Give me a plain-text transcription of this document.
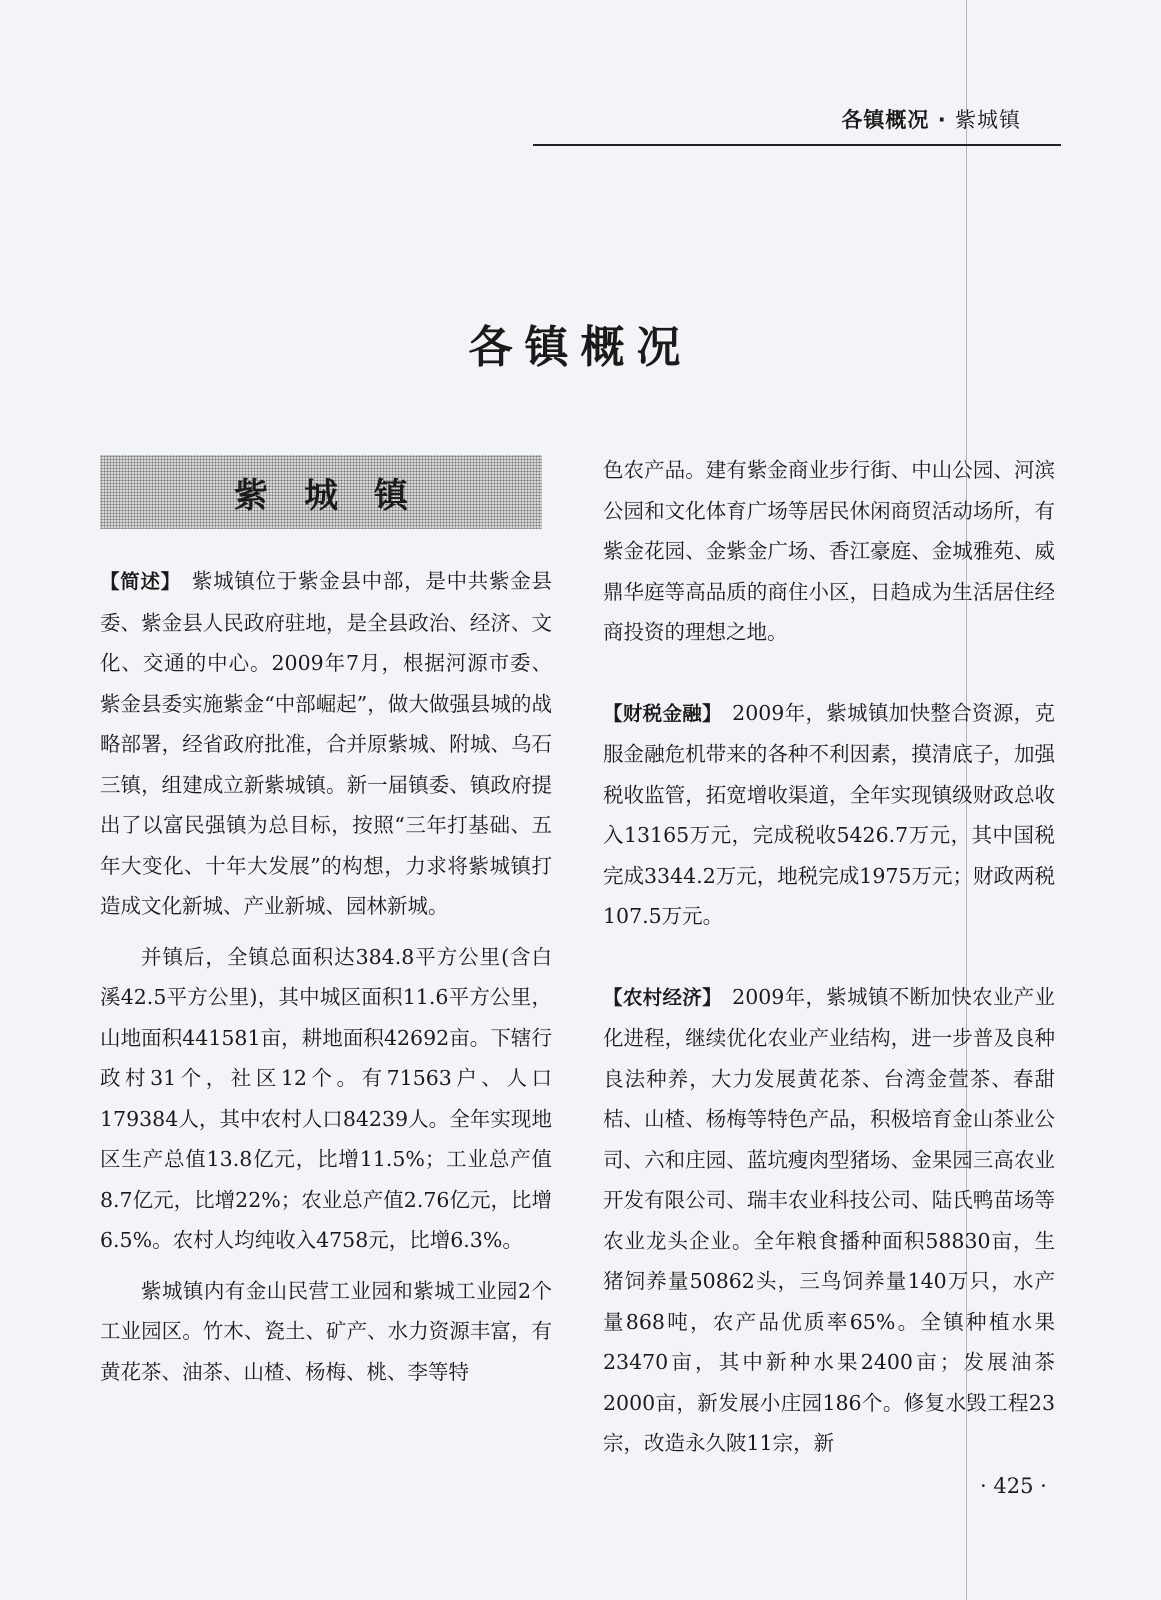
各镇概况 · 紫城镇
各镇概况
紫城镇

【简述】  紫城镇位于紫金县中部，是中共紫金县委、紫金县人民政府驻地，是全县政治、经济、文化、交通的中心。2009年7月，根据河源市委、紫金县委实施紫金“中部崛起”，做大做强县城的战略部署，经省政府批准，合并原紫城、附城、乌石三镇，组建成立新紫城镇。新一届镇委、镇政府提出了以富民强镇为总目标，按照“三年打基础、五年大变化、十年大发展”的构想，力求将紫城镇打造成文化新城、产业新城、园林新城。

并镇后，全镇总面积达384.8平方公里(含白溪42.5平方公里)，其中城区面积11.6平方公里，山地面积441581亩，耕地面积42692亩。下辖行政村31个，社区12个。有71563户、人口179384人，其中农村人口84239人。全年实现地区生产总值13.8亿元，比增11.5%；工业总产值8.7亿元，比增22%；农业总产值2.76亿元，比增6.5%。农村人均纯收入4758元，比增6.3%。

紫城镇内有金山民营工业园和紫城工业园2个工业园区。竹木、瓷土、矿产、水力资源丰富，有黄花茶、油茶、山楂、杨梅、桃、李等特

色农产品。建有紫金商业步行街、中山公园、河滨公园和文化体育广场等居民休闲商贸活动场所，有紫金花园、金紫金广场、香江豪庭、金城雅苑、威鼎华庭等高品质的商住小区，日趋成为生活居住经商投资的理想之地。

【财税金融】  2009年，紫城镇加快整合资源，克服金融危机带来的各种不利因素，摸清底子，加强税收监管，拓宽增收渠道，全年实现镇级财政总收入13165万元，完成税收5426.7万元，其中国税完成3344.2万元，地税完成1975万元；财政两税107.5万元。

【农村经济】  2009年，紫城镇不断加快农业产业化进程，继续优化农业产业结构，进一步普及良种良法种养，大力发展黄花茶、台湾金萱茶、春甜桔、山楂、杨梅等特色产品，积极培育金山茶业公司、六和庄园、蓝坑瘦肉型猪场、金果园三高农业开发有限公司、瑞丰农业科技公司、陆氏鸭苗场等农业龙头企业。全年粮食播种面积58830亩，生猪饲养量50862头，三鸟饲养量140万只，水产量868吨，农产品优质率65%。全镇种植水果23470亩，其中新种水果2400亩；发展油茶2000亩，新发展小庄园186个。修复水毁工程23宗，改造永久陂11宗，新

· 425 ·
